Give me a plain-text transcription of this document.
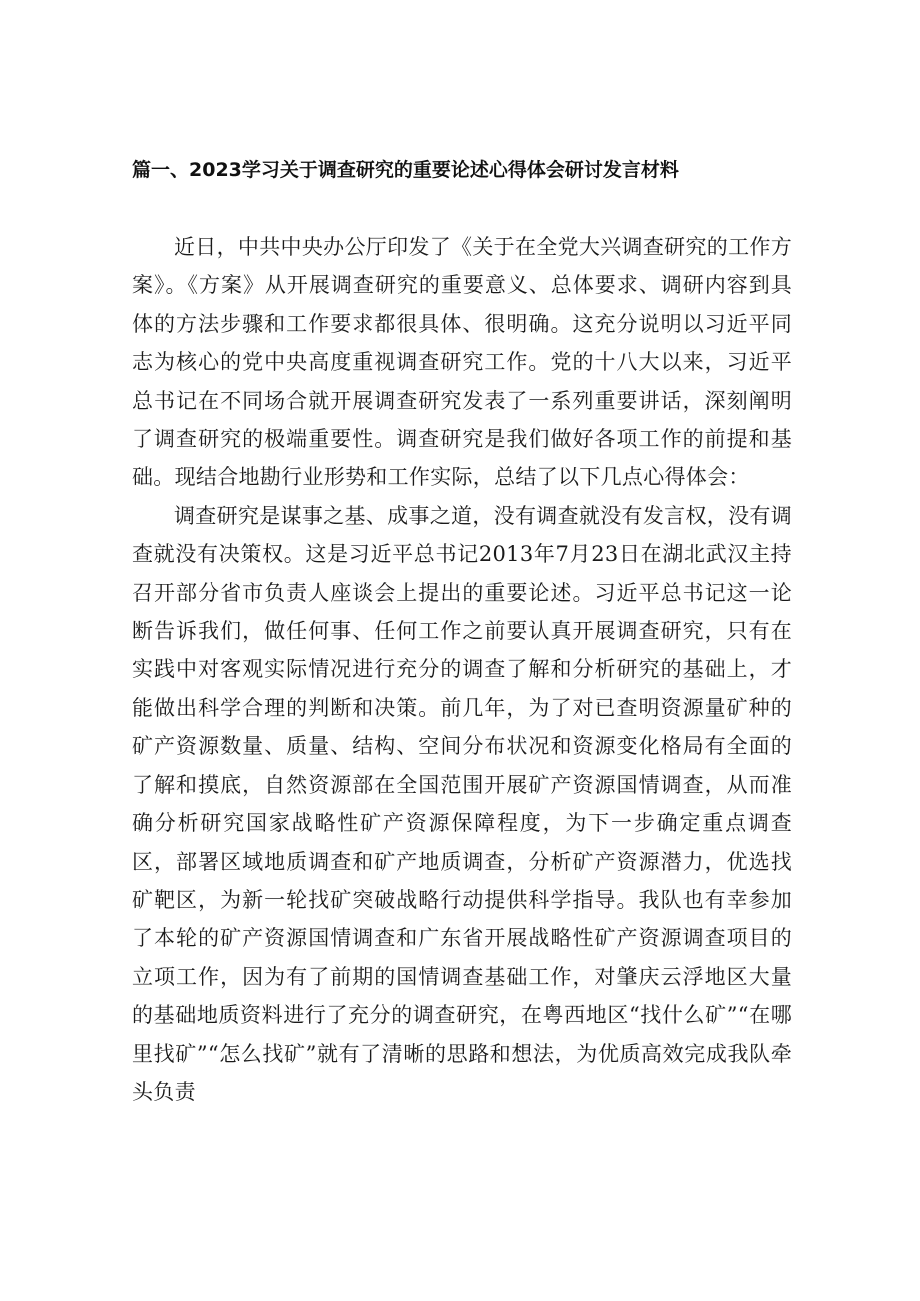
篇一、2023学习关于调查研究的重要论述心得体会研讨发言材料

近日，中共中央办公厅印发了《关于在全党大兴调查研究的工作方案》。《方案》从开展调查研究的重要意义、总体要求、调研内容到具体的方法步骤和工作要求都很具体、很明确。这充分说明以习近平同志为核心的党中央高度重视调查研究工作。党的十八大以来，习近平总书记在不同场合就开展调查研究发表了一系列重要讲话，深刻阐明了调查研究的极端重要性。调查研究是我们做好各项工作的前提和基础。现结合地勘行业形势和工作实际，总结了以下几点心得体会：

调查研究是谋事之基、成事之道，没有调查就没有发言权，没有调查就没有决策权。这是习近平总书记2013年7月23日在湖北武汉主持召开部分省市负责人座谈会上提出的重要论述。习近平总书记这一论断告诉我们，做任何事、任何工作之前要认真开展调查研究，只有在实践中对客观实际情况进行充分的调查了解和分析研究的基础上，才能做出科学合理的判断和决策。前几年，为了对已查明资源量矿种的矿产资源数量、质量、结构、空间分布状况和资源变化格局有全面的了解和摸底，自然资源部在全国范围开展矿产资源国情调查，从而准确分析研究国家战略性矿产资源保障程度，为下一步确定重点调查区，部署区域地质调查和矿产地质调查，分析矿产资源潜力，优选找矿靶区，为新一轮找矿突破战略行动提供科学指导。我队也有幸参加了本轮的矿产资源国情调查和广东省开展战略性矿产资源调查项目的立项工作，因为有了前期的国情调查基础工作，对肇庆云浮地区大量的基础地质资料进行了充分的调查研究，在粤西地区“找什么矿”“在哪里找矿”“怎么找矿”就有了清晰的思路和想法，为优质高效完成我队牵头负责
